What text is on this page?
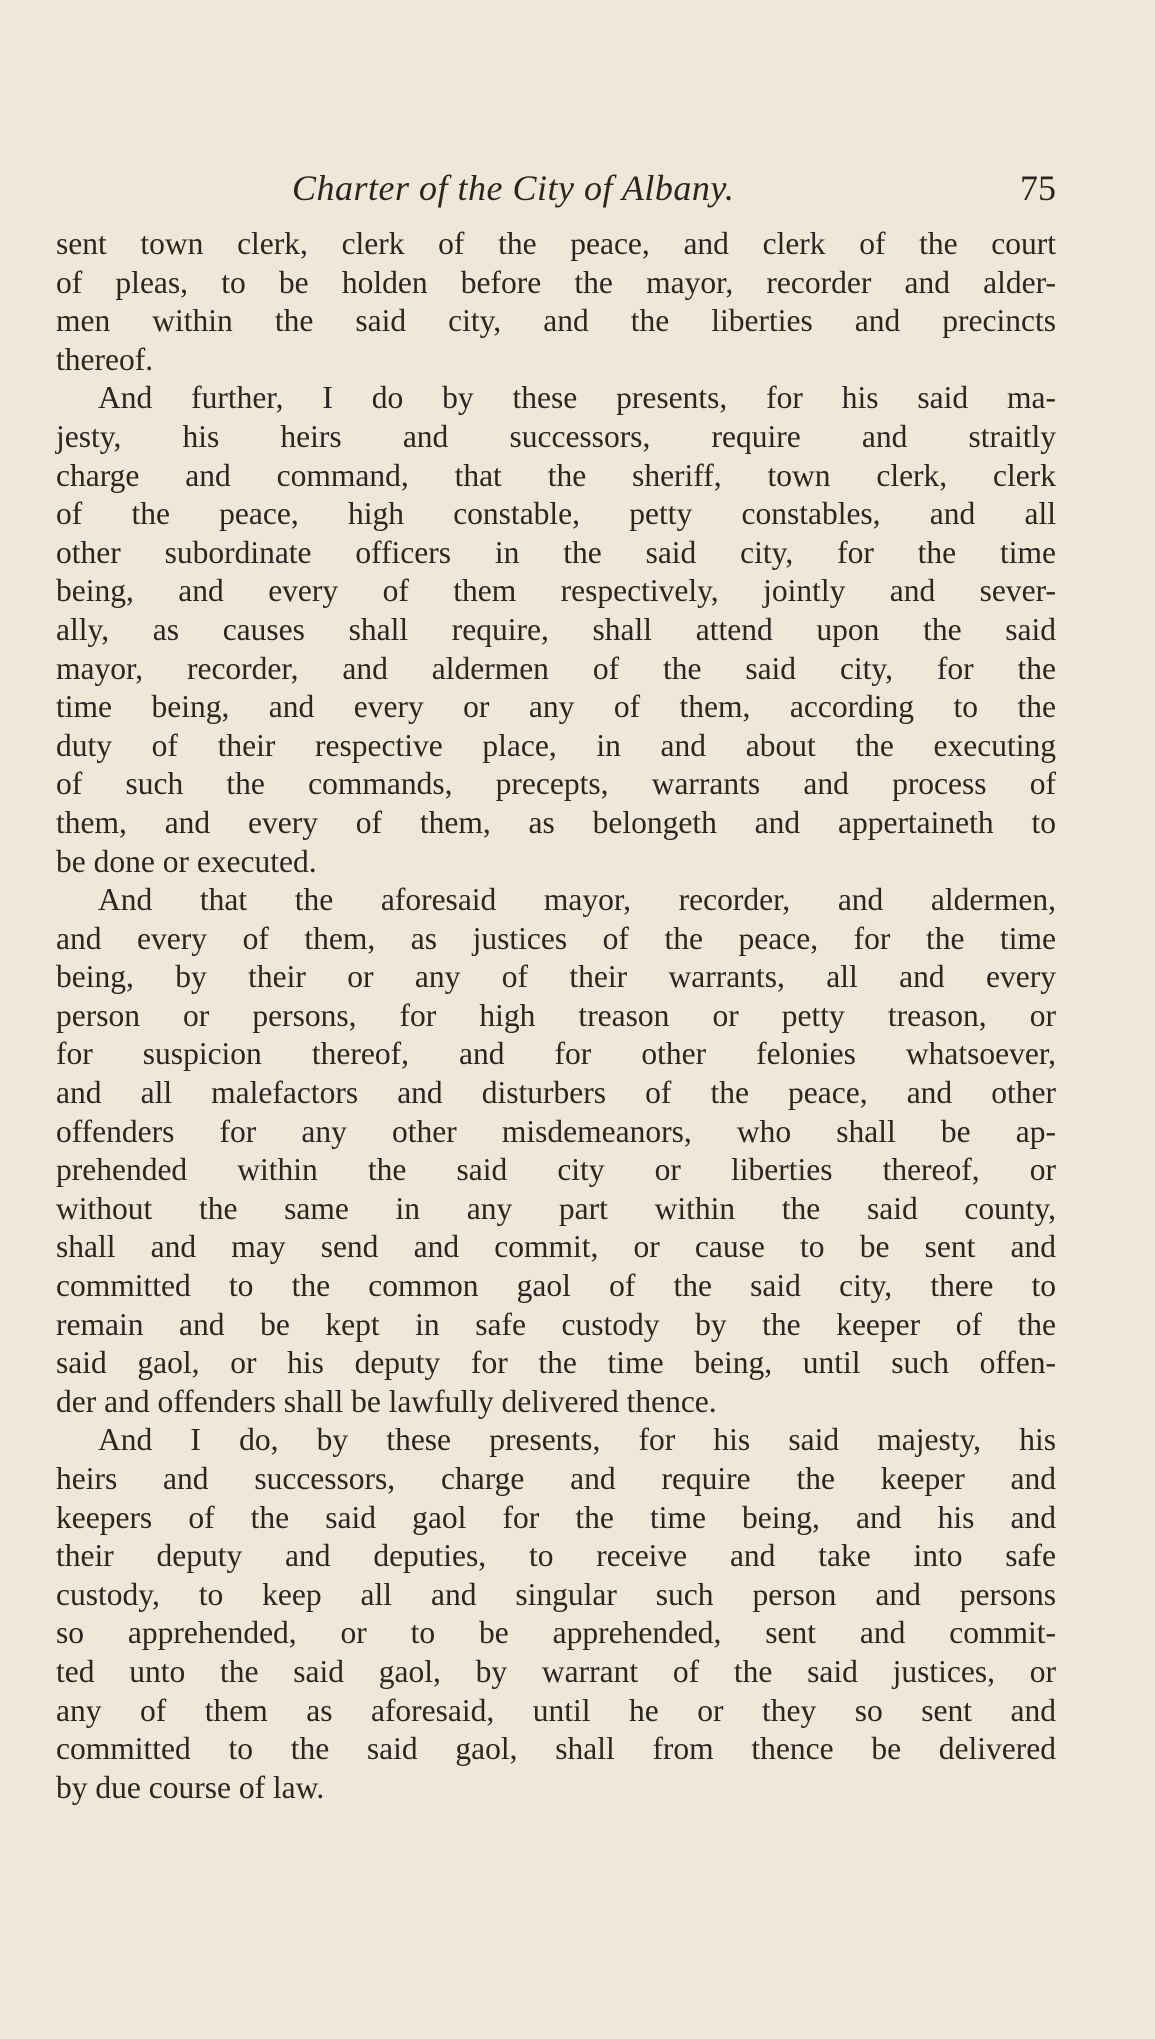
Charter of the City of Albany.	75
sent town clerk, clerk of the peace, and clerk of the court
of pleas, to be holden before the mayor, recorder and alder-
men within the said city, and the liberties and precincts
thereof.
And further, I do by these presents, for his said ma-
jesty, his heirs and successors, require and straitly
charge and command, that the sheriff, town clerk, clerk
of the peace, high constable, petty constables, and all
other subordinate officers in the said city, for the time
being, and every of them respectively, jointly and sever-
ally, as causes shall require, shall attend upon the said
mayor, recorder, and aldermen of the said city, for the
time being, and every or any of them, according to the
duty of their respective place, in and about the executing
of such the commands, precepts, warrants and process of
them, and every of them, as belongeth and appertaineth to
be done or executed.
And that the aforesaid mayor, recorder, and aldermen,
and every of them, as justices of the peace, for the time
being, by their or any of their warrants, all and every
person or persons, for high treason or petty treason, or
for suspicion thereof, and for other felonies whatsoever,
and all malefactors and disturbers of the peace, and other
offenders for any other misdemeanors, who shall be ap-
prehended within the said city or liberties thereof, or
without the same in any part within the said county,
shall and may send and commit, or cause to be sent and
committed to the common gaol of the said city, there to
remain and be kept in safe custody by the keeper of the
said gaol, or his deputy for the time being, until such offen-
der and offenders shall be lawfully delivered thence.
And I do, by these presents, for his said majesty, his
heirs and successors, charge and require the keeper and
keepers of the said gaol for the time being, and his and
their deputy and deputies, to receive and take into safe
custody, to keep all and singular such person and persons
so apprehended, or to be apprehended, sent and commit-
ted unto the said gaol, by warrant of the said justices, or
any of them as aforesaid, until he or they so sent and
committed to the said gaol, shall from thence be delivered
by due course of law.
